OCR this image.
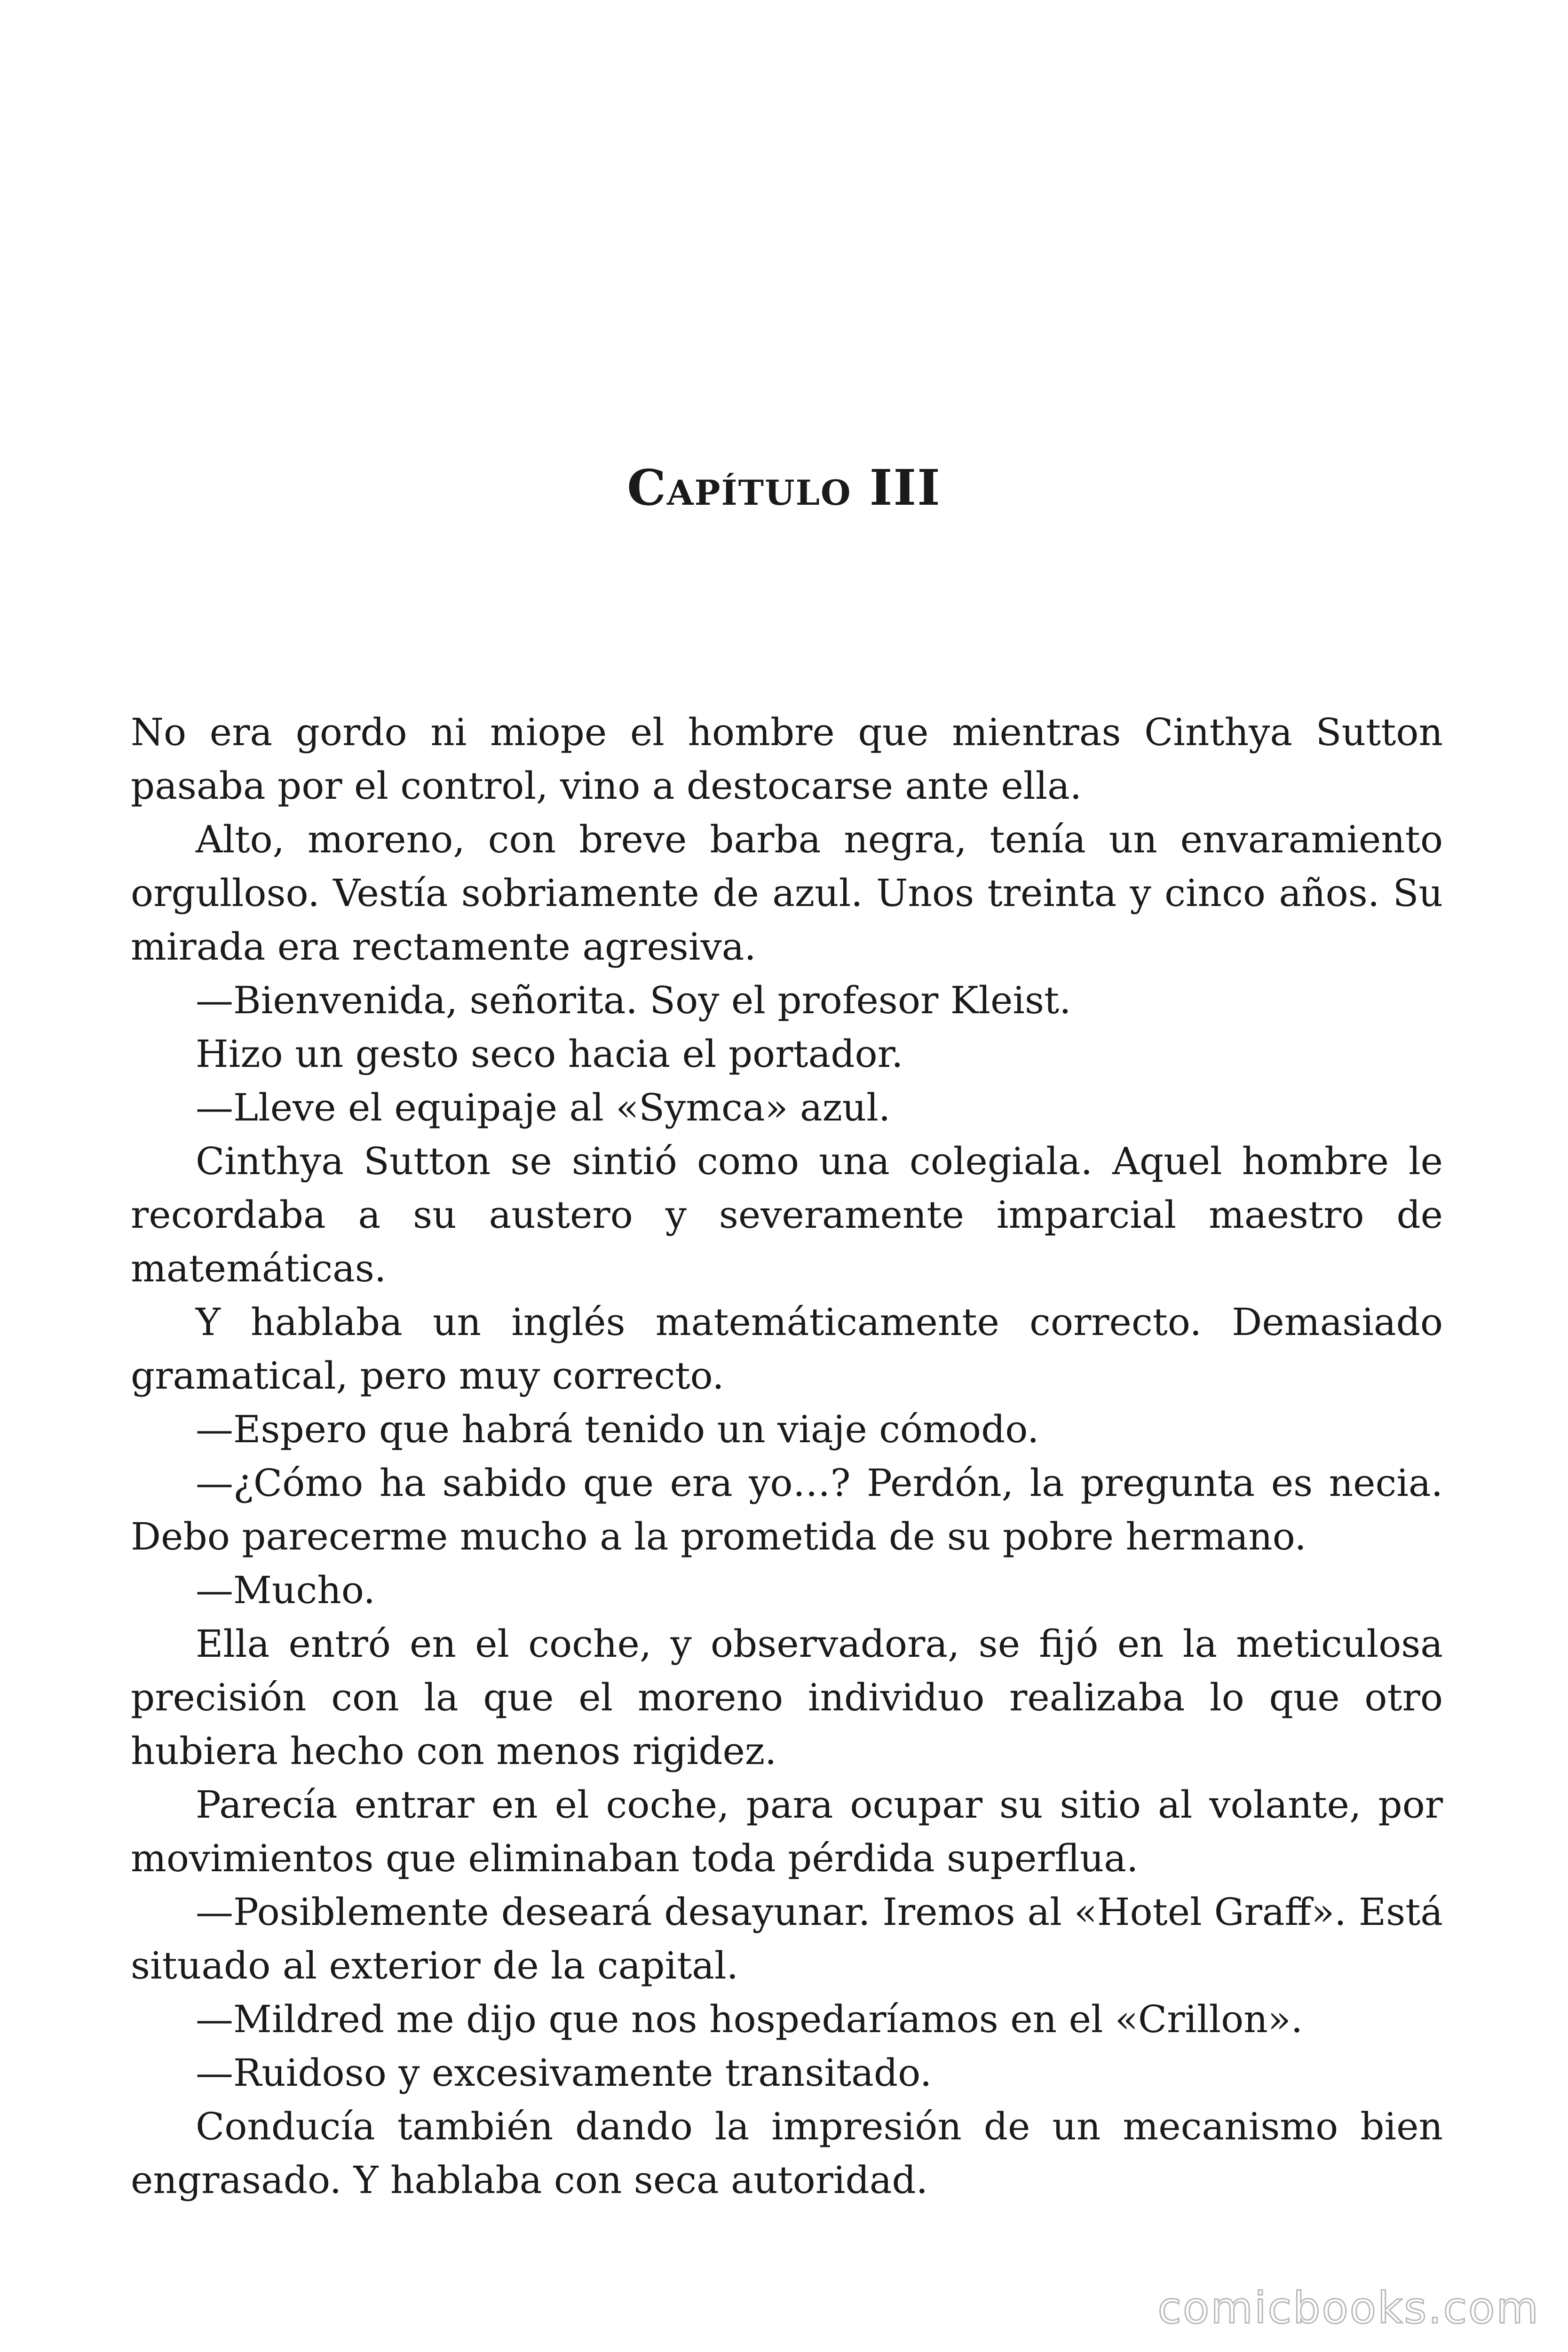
Capítulo III

No era gordo ni miope el hombre que mientras Cinthya Sutton pasaba por el control, vino a destocarse ante ella.

Alto, moreno, con breve barba negra, tenía un envaramiento orgulloso. Vestía sobriamente de azul. Unos treinta y cinco años. Su mirada era rectamente agresiva.

—Bienvenida, señorita. Soy el profesor Kleist.

Hizo un gesto seco hacia el portador.

—Lleve el equipaje al «Symca» azul.

Cinthya Sutton se sintió como una colegiala. Aquel hombre le recordaba a su austero y severamente imparcial maestro de matemáticas.

Y hablaba un inglés matemáticamente correcto. Demasiado gramatical, pero muy correcto.

—Espero que habrá tenido un viaje cómodo.

—¿Cómo ha sabido que era yo…? Perdón, la pregunta es necia. Debo parecerme mucho a la prometida de su pobre hermano.

—Mucho.

Ella entró en el coche, y observadora, se fijó en la meticulosa precisión con la que el moreno individuo realizaba lo que otro hubiera hecho con menos rigidez.

Parecía entrar en el coche, para ocupar su sitio al volante, por movimientos que eliminaban toda pérdida superflua.

—Posiblemente deseará desayunar. Iremos al «Hotel Graff». Está situado al exterior de la capital.

—Mildred me dijo que nos hospedaríamos en el «Crillon».

—Ruidoso y excesivamente transitado.

Conducía también dando la impresión de un mecanismo bien engrasado. Y hablaba con seca autoridad.

comicbooks.com
